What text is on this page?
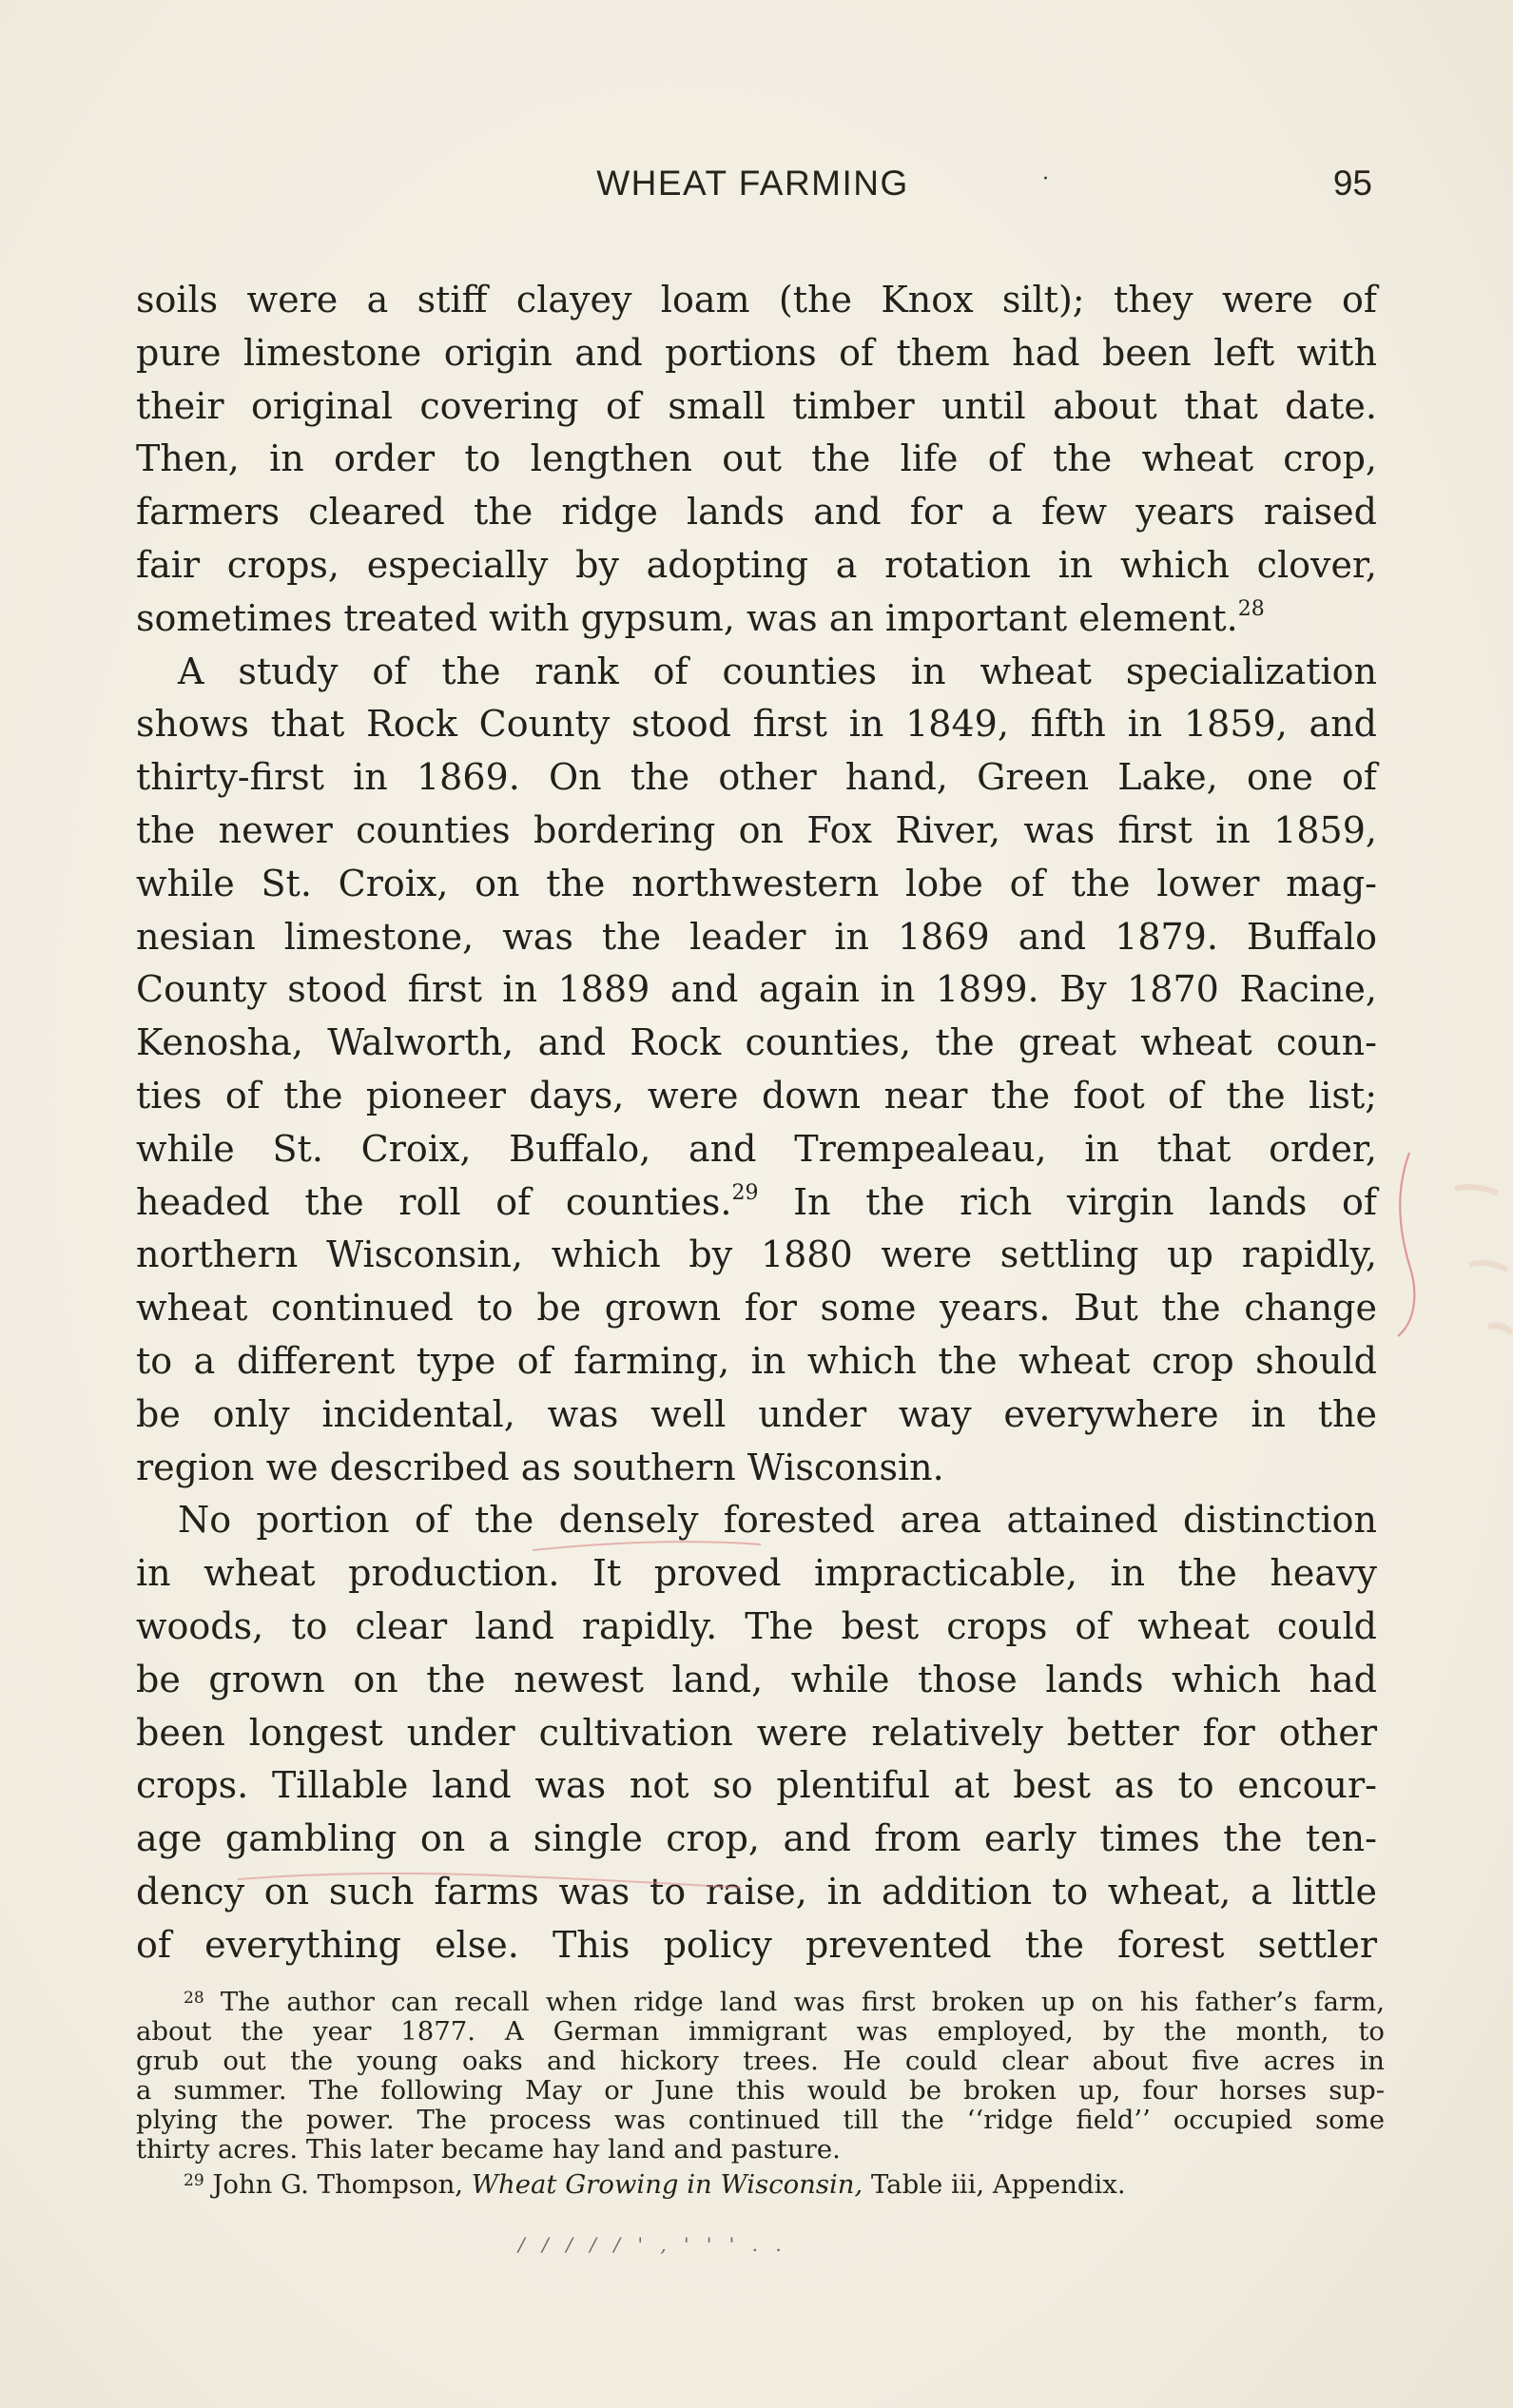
WHEAT FARMING	·	95
soils were a stiff clayey loam (the Knox silt); they were of
pure limestone origin and portions of them had been left with
their original covering of small timber until about that date.
Then, in order to lengthen out the life of the wheat crop,
farmers cleared the ridge lands and for a few years raised
fair crops, especially by adopting a rotation in which clover,
sometimes treated with gypsum, was an important element.$^{28}$
A study of the rank of counties in wheat specialization
shows that Rock County stood first in 1849, fifth in 1859, and
thirty-first in 1869. On the other hand, Green Lake, one of
the newer counties bordering on Fox River, was first in 1859,
while St. Croix, on the northwestern lobe of the lower mag-
nesian limestone, was the leader in 1869 and 1879. Buffalo
County stood first in 1889 and again in 1899. By 1870 Racine,
Kenosha, Walworth, and Rock counties, the great wheat coun-
ties of the pioneer days, were down near the foot of the list;
while St. Croix, Buffalo, and Trempealeau, in that order,
headed the roll of counties.$^{29}$ In the rich virgin lands of
northern Wisconsin, which by 1880 were settling up rapidly,
wheat continued to be grown for some years. But the change
to a different type of farming, in which the wheat crop should
be only incidental, was well under way everywhere in the
region we described as southern Wisconsin.
No portion of the densely forested area attained distinction
in wheat production. It proved impracticable, in the heavy
woods, to clear land rapidly. The best crops of wheat could
be grown on the newest land, while those lands which had
been longest under cultivation were relatively better for other
crops. Tillable land was not so plentiful at best as to encour-
age gambling on a single crop, and from early times the ten-
dency on such farms was to raise, in addition to wheat, a little
of everything else. This policy prevented the forest settler
$^{28}$ The author can recall when ridge land was first broken up on his father’s farm,
about the year 1877. A German immigrant was employed, by the month, to
grub out the young oaks and hickory trees. He could clear about five acres in
a summer. The following May or June this would be broken up, four horses sup-
plying the power. The process was continued till the ‘‘ridge field’’ occupied some
thirty acres. This later became hay land and pasture.
$^{29}$ John G. Thompson, Wheat Growing in Wisconsin, Table iii, Appendix.
/ / / / / ' , ' ' ' . .
